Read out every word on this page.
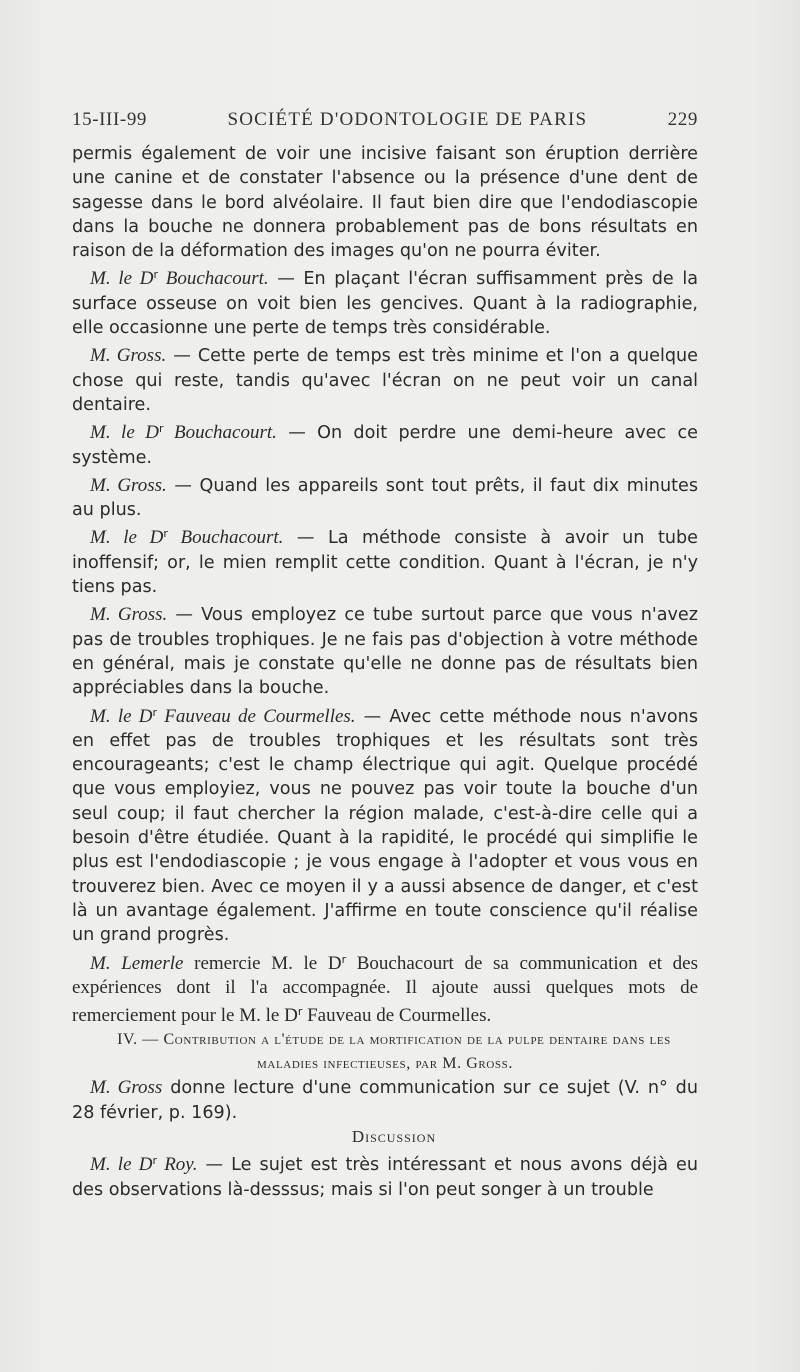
15-III-99	SOCIÉTÉ D'ODONTOLOGIE DE PARIS	229

permis également de voir une incisive faisant son éruption derrière une canine et de constater l'absence ou la présence d'une dent de sagesse dans le bord alvéolaire. Il faut bien dire que l'endodiascopie dans la bouche ne donnera probablement pas de bons résultats en raison de la déformation des images qu'on ne pourra éviter.

M. le $D^r$ Bouchacourt. — En plaçant l'écran suffisamment près de la surface osseuse on voit bien les gencives. Quant à la radiographie, elle occasionne une perte de temps très considérable.

M. Gross. — Cette perte de temps est très minime et l'on a quelque chose qui reste, tandis qu'avec l'écran on ne peut voir un canal dentaire.

M. le $D^r$ Bouchacourt. — On doit perdre une demi-heure avec ce système.

M. Gross. — Quand les appareils sont tout prêts, il faut dix minutes au plus.

M. le $D^r$ Bouchacourt. — La méthode consiste à avoir un tube inoffensif; or, le mien remplit cette condition. Quant à l'écran, je n'y tiens pas.

M. Gross. — Vous employez ce tube surtout parce que vous n'avez pas de troubles trophiques. Je ne fais pas d'objection à votre méthode en général, mais je constate qu'elle ne donne pas de résultats bien appréciables dans la bouche.

M. le $D^r$ Fauveau de Courmelles. — Avec cette méthode nous n'avons en effet pas de troubles trophiques et les résultats sont très encourageants; c'est le champ électrique qui agit. Quelque procédé que vous employiez, vous ne pouvez pas voir toute la bouche d'un seul coup; il faut chercher la région malade, c'est-à-dire celle qui a besoin d'être étudiée. Quant à la rapidité, le procédé qui simplifie le plus est l'endodiascopie ; je vous engage à l'adopter et vous vous en trouverez bien. Avec ce moyen il y a aussi absence de danger, et c'est là un avantage également. J'affirme en toute conscience qu'il réalise un grand progrès.

M. Lemerle remercie M. le $D^r$ Bouchacourt de sa communication et des expériences dont il l'a accompagnée. Il ajoute aussi quelques mots de remerciement pour le M. le $D^r$ Fauveau de Courmelles.

IV. — Contribution a l'étude de la mortification de la pulpe dentaire dans les maladies infectieuses, par M. Gross.

M. Gross donne lecture d'une communication sur ce sujet (V. n° du 28 février, p. 169).

Discussion

M. le $D^r$ Roy. — Le sujet est très intéressant et nous avons déjà eu des observations là-desssus; mais si l'on peut songer à un trouble
